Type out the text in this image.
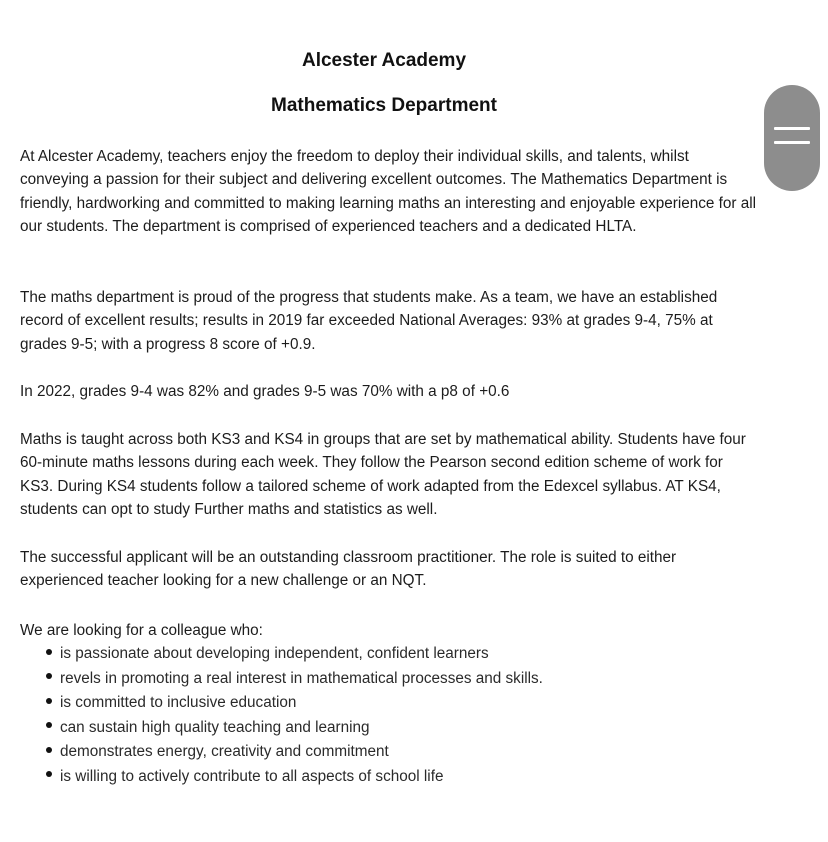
Alcester Academy
Mathematics Department

At Alcester Academy, teachers enjoy the freedom to deploy their individual skills, and talents, whilst conveying a passion for their subject and delivering excellent outcomes. The Mathematics Department is friendly, hardworking and committed to making learning maths an interesting and enjoyable experience for all our students. The department is comprised of experienced teachers and a dedicated HLTA.

The maths department is proud of the progress that students make. As a team, we have an established record of excellent results; results in 2019 far exceeded National Averages: 93% at grades 9-4, 75% at grades 9-5; with a progress 8 score of +0.9.

In 2022, grades 9-4 was 82% and grades 9-5 was 70% with a p8 of +0.6

Maths is taught across both KS3 and KS4 in groups that are set by mathematical ability. Students have four 60-minute maths lessons during each week. They follow the Pearson second edition scheme of work for KS3. During KS4 students follow a tailored scheme of work adapted from the Edexcel syllabus. AT KS4, students can opt to study Further maths and statistics as well.

The successful applicant will be an outstanding classroom practitioner. The role is suited to either experienced teacher looking for a new challenge or an NQT.

We are looking for a colleague who:

is passionate about developing independent, confident learners
revels in promoting a real interest in mathematical processes and skills.
is committed to inclusive education
can sustain high quality teaching and learning
demonstrates energy, creativity and commitment
is willing to actively contribute to all aspects of school life
